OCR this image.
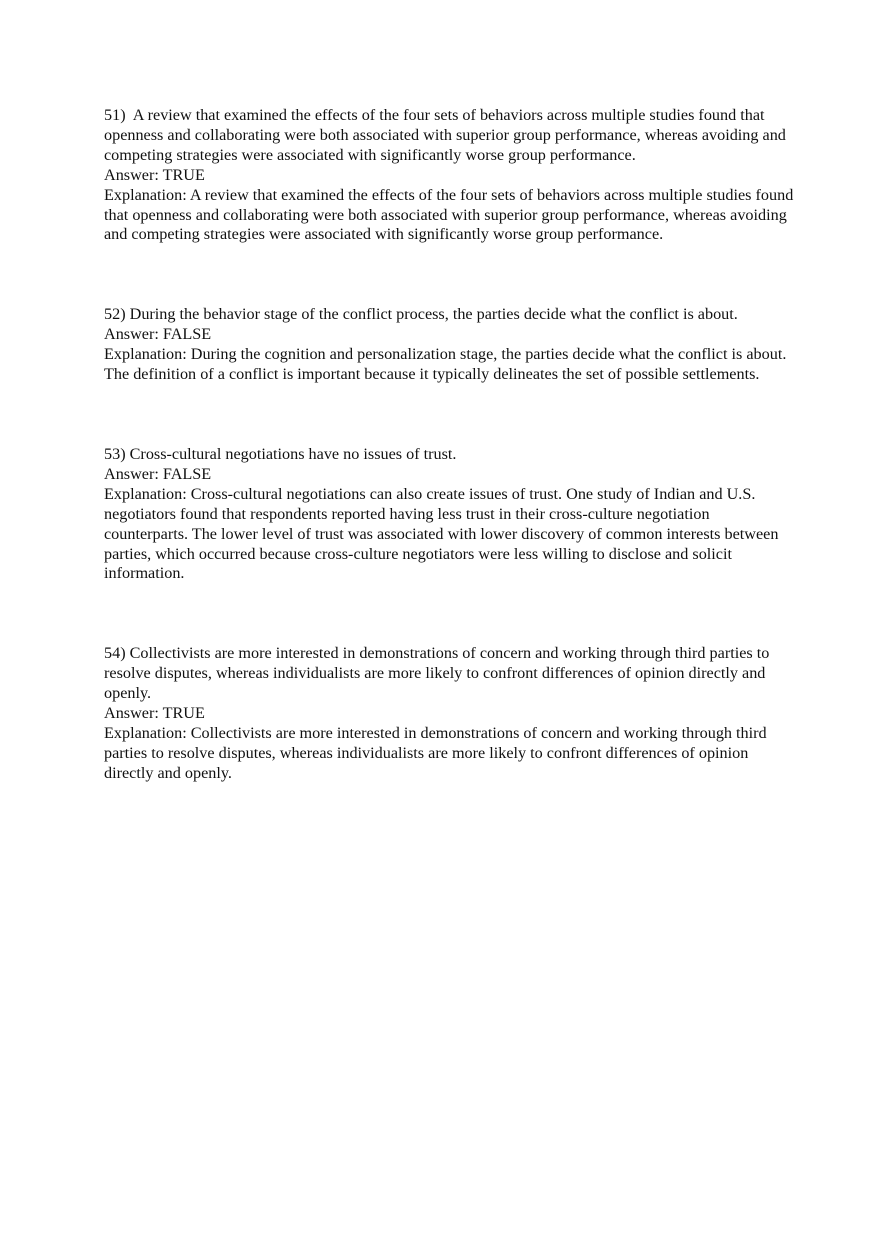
51) A review that examined the effects of the four sets of behaviors across multiple studies found that openness and collaborating were both associated with superior group performance, whereas avoiding and competing strategies were associated with significantly worse group performance.

Answer: TRUE

Explanation: A review that examined the effects of the four sets of behaviors across multiple studies found that openness and collaborating were both associated with superior group performance, whereas avoiding and competing strategies were associated with significantly worse group performance.

52) During the behavior stage of the conflict process, the parties decide what the conflict is about.

Answer: FALSE

Explanation: During the cognition and personalization stage, the parties decide what the conflict is about. The definition of a conflict is important because it typically delineates the set of possible settlements.

53) Cross-cultural negotiations have no issues of trust.

Answer: FALSE

Explanation: Cross-cultural negotiations can also create issues of trust. One study of Indian and U.S. negotiators found that respondents reported having less trust in their cross-culture negotiation counterparts. The lower level of trust was associated with lower discovery of common interests between parties, which occurred because cross-culture negotiators were less willing to disclose and solicit information.

54) Collectivists are more interested in demonstrations of concern and working through third parties to resolve disputes, whereas individualists are more likely to confront differences of opinion directly and openly.

Answer: TRUE

Explanation: Collectivists are more interested in demonstrations of concern and working through third parties to resolve disputes, whereas individualists are more likely to confront differences of opinion directly and openly.
